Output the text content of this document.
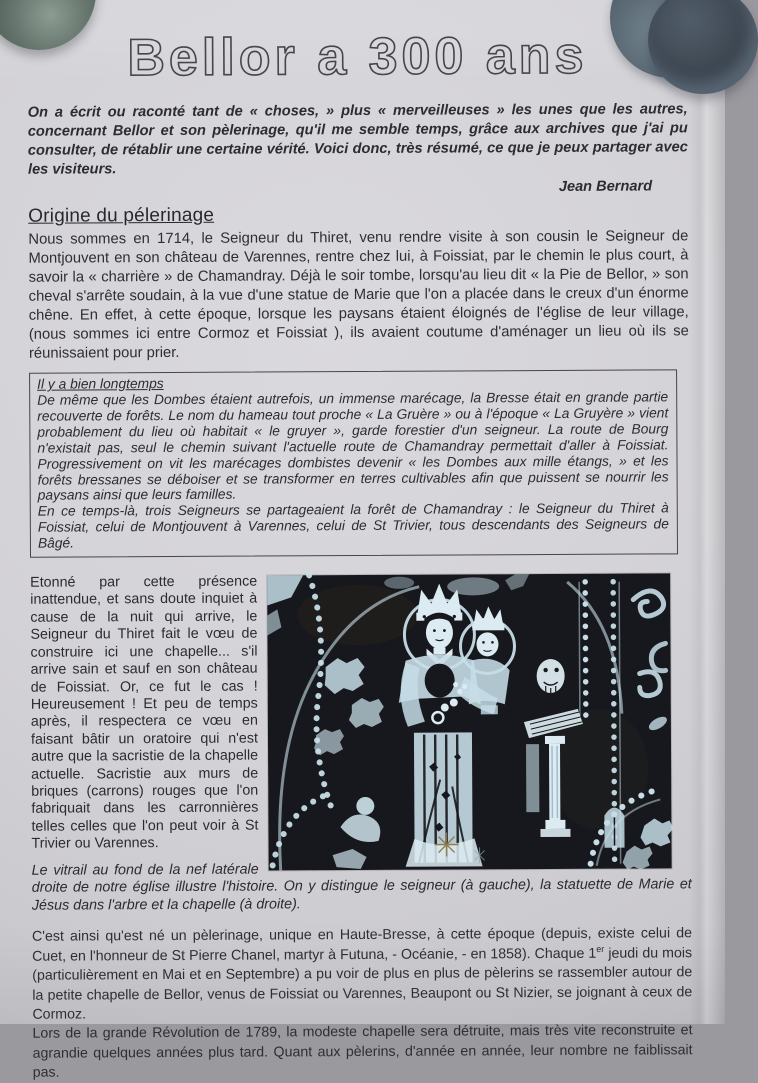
Bellor a 300 ans

On a écrit ou raconté tant de « choses, » plus « merveilleuses » les unes que les autres, concernant Bellor et son pèlerinage, qu'il me semble temps, grâce aux archives que j'ai pu consulter, de rétablir une certaine vérité. Voici donc, très résumé, ce que je peux partager avec les visiteurs.

Jean Bernard

Origine du pélerinage

Nous sommes en 1714, le Seigneur du Thiret, venu rendre visite à son cousin le Seigneur de Montjouvent en son château de Varennes, rentre chez lui, à Foissiat, par le chemin le plus court, à savoir la « charrière » de Chamandray. Déjà le soir tombe, lorsqu'au lieu dit « la Pie de Bellor, » son cheval s'arrête soudain, à la vue d'une statue de Marie que l'on a placée dans le creux d'un énorme chêne. En effet, à cette époque, lorsque les paysans étaient éloignés de l'église de leur village, (nous sommes ici entre Cormoz et Foissiat ), ils avaient coutume d'aménager un lieu où ils se réunissaient pour prier.

Il y a bien longtemps

De même que les Dombes étaient autrefois, un immense marécage, la Bresse était en grande partie recouverte de forêts. Le nom du hameau tout proche « La Gruère » ou à l'époque « La Gruyère » vient probablement du lieu où habitait « le gruyer », garde forestier d'un seigneur. La route de Bourg n'existait pas, seul le chemin suivant l'actuelle route de Chamandray permettait d'aller à Foissiat. Progressivement on vit les marécages dombistes devenir « les Dombes aux mille étangs, » et les forêts bressanes se déboiser et se transformer en terres cultivables afin que puissent se nourrir les paysans ainsi que leurs familles.

En ce temps-là, trois Seigneurs se partageaient la forêt de Chamandray : le Seigneur du Thiret à Foissiat, celui de Montjouvent à Varennes, celui de St Trivier, tous descendants des Seigneurs de Bâgé.

Etonné par cette présence inattendue, et sans doute inquiet à cause de la nuit qui arrive, le Seigneur du Thiret fait le vœu de construire ici une chapelle... s'il arrive sain et sauf en son château de Foissiat. Or, ce fut le cas ! Heureusement ! Et peu de temps après, il respectera ce vœu en faisant bâtir un oratoire qui n'est autre que la sacristie de la chapelle actuelle. Sacristie aux murs de briques (carrons) rouges que l'on fabriquait dans les carronnières telles celles que l'on peut voir à St Trivier ou Varennes.

Le vitrail au fond de la nef latérale droite de notre église illustre l'histoire. On y distingue le seigneur (à gauche), la statuette de Marie et Jésus dans l'arbre et la chapelle (à droite).

C'est ainsi qu'est né un pèlerinage, unique en Haute-Bresse, à cette époque (depuis, existe celui de Cuet, en l'honneur de St Pierre Chanel, martyr à Futuna, - Océanie, - en 1858). Chaque 1er jeudi du mois (particulièrement en Mai et en Septembre) a pu voir de plus en plus de pèlerins se rassembler autour de la petite chapelle de Bellor, venus de Foissiat ou Varennes, Beaupont ou St Nizier, se joignant à ceux de Cormoz.

Lors de la grande Révolution de 1789, la modeste chapelle sera détruite, mais très vite reconstruite et agrandie quelques années plus tard. Quant aux pèlerins, d'année en année, leur nombre ne faiblissait pas.
